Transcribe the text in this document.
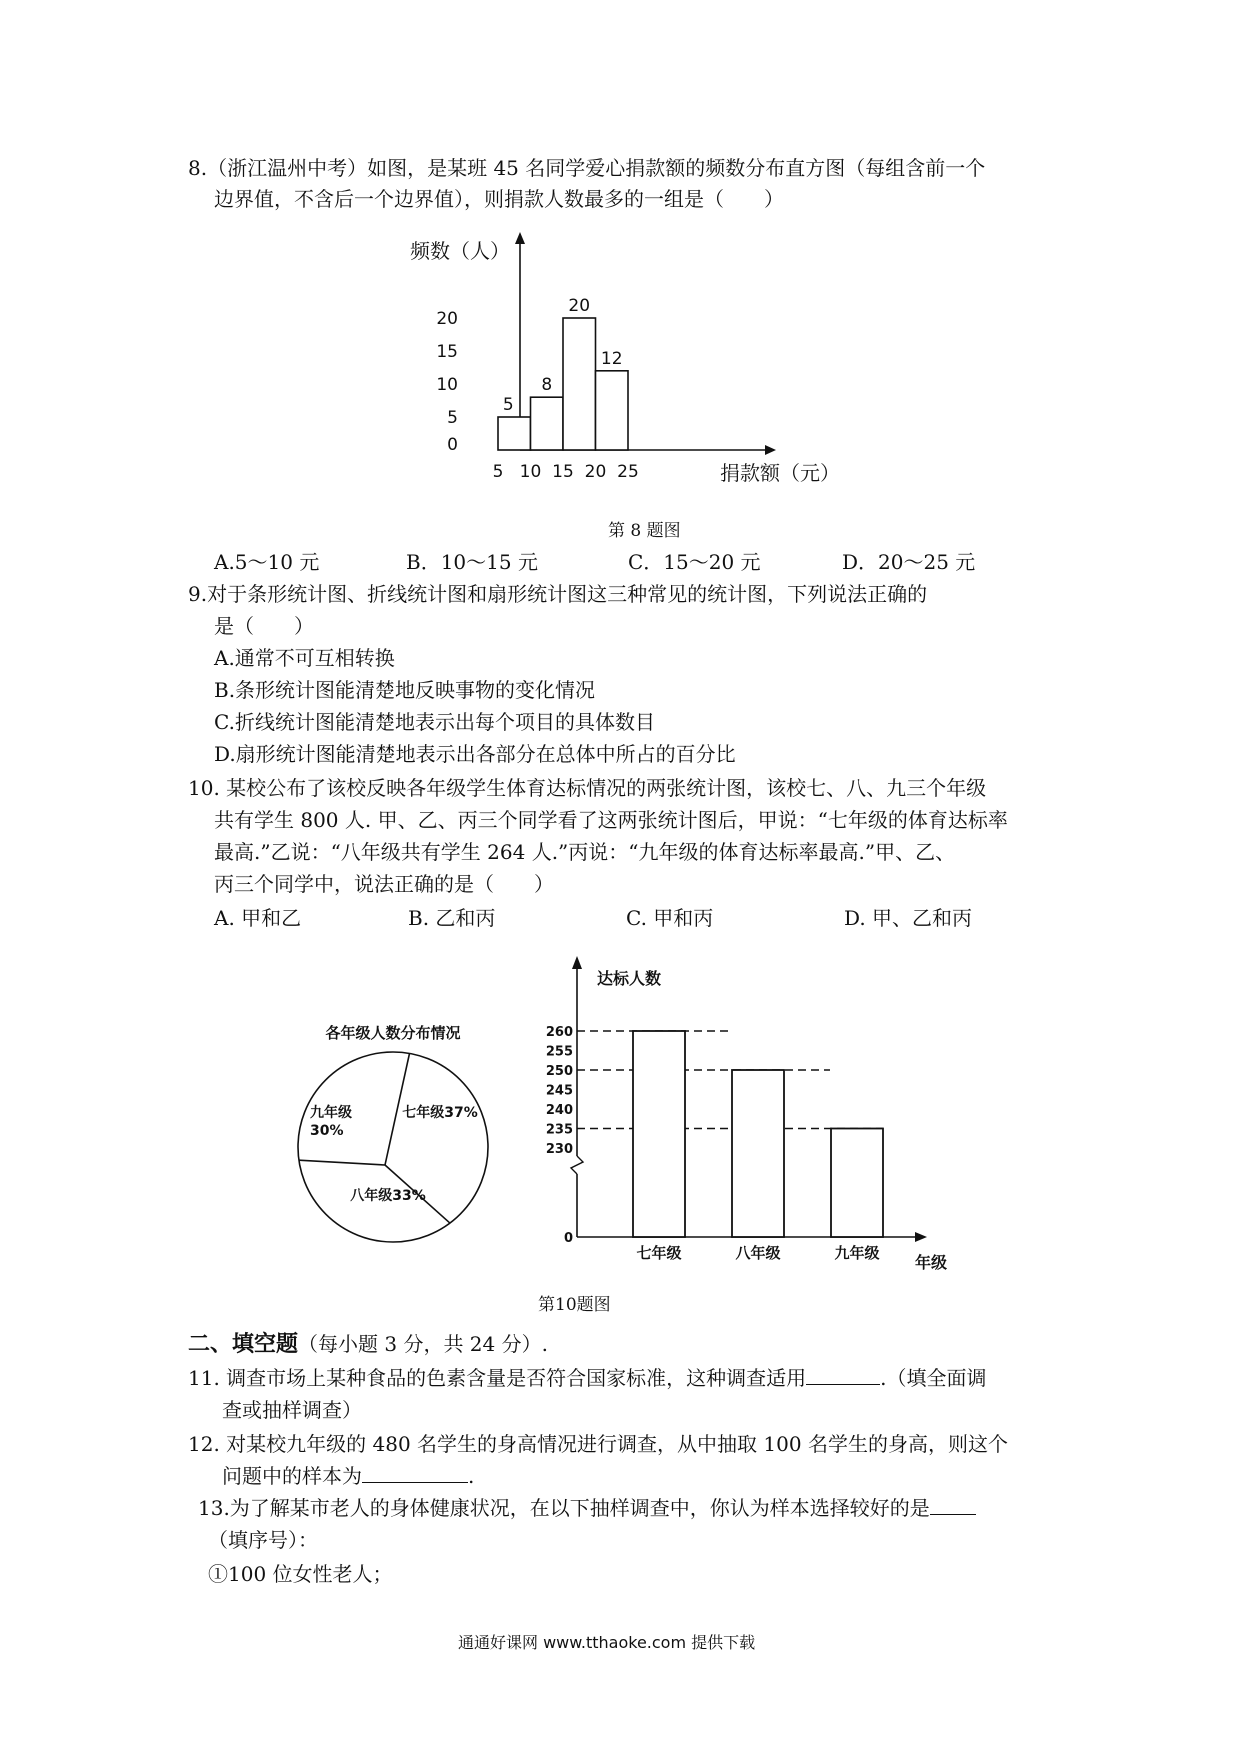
8.（浙江温州中考）如图，是某班 45 名同学爱心捐款额的频数分布直方图（每组含前一个
边界值，不含后一个边界值），则捐款人数最多的一组是（　　）
频数（人）
捐款额（元）
0
5
10
15
20
5 10 15 20 25
5
8
20
12
第 8 题图
A.5～10 元	B．10～15 元	C．15～20 元	D．20～25 元
9.对于条形统计图、折线统计图和扇形统计图这三种常见的统计图，下列说法正确的
是（　　）
A.通常不可互相转换
B.条形统计图能清楚地反映事物的变化情况
C.折线统计图能清楚地表示出每个项目的具体数目
D.扇形统计图能清楚地表示出各部分在总体中所占的百分比
10. 某校公布了该校反映各年级学生体育达标情况的两张统计图，该校七、八、九三个年级
共有学生 800 人. 甲、乙、丙三个同学看了这两张统计图后，甲说：“七年级的体育达标率
最高.”乙说：“八年级共有学生 264 人.”丙说：“九年级的体育达标率最高.”甲、乙、
丙三个同学中，说法正确的是（　　）
A. 甲和乙	B. 乙和丙	C. 甲和丙	D. 甲、乙和丙
各年级人数分布情况
七年级37%
八年级33%
九年级
30%
达标人数
年级
0
230
235
240
245
250
255
260
七年级	八年级	九年级
第10题图
二、填空题（每小题 3 分，共 24 分）.
11. 调查市场上某种食品的色素含量是否符合国家标准，这种调查适用	.（填全面调
查或抽样调查）
12. 对某校九年级的 480 名学生的身高情况进行调查，从中抽取 100 名学生的身高，则这个
问题中的样本为	.
13.为了解某市老人的身体健康状况，在以下抽样调查中，你认为样本选择较好的是
（填序号）：
①100 位女性老人；
通通好课网 www.tthaoke.com 提供下载
